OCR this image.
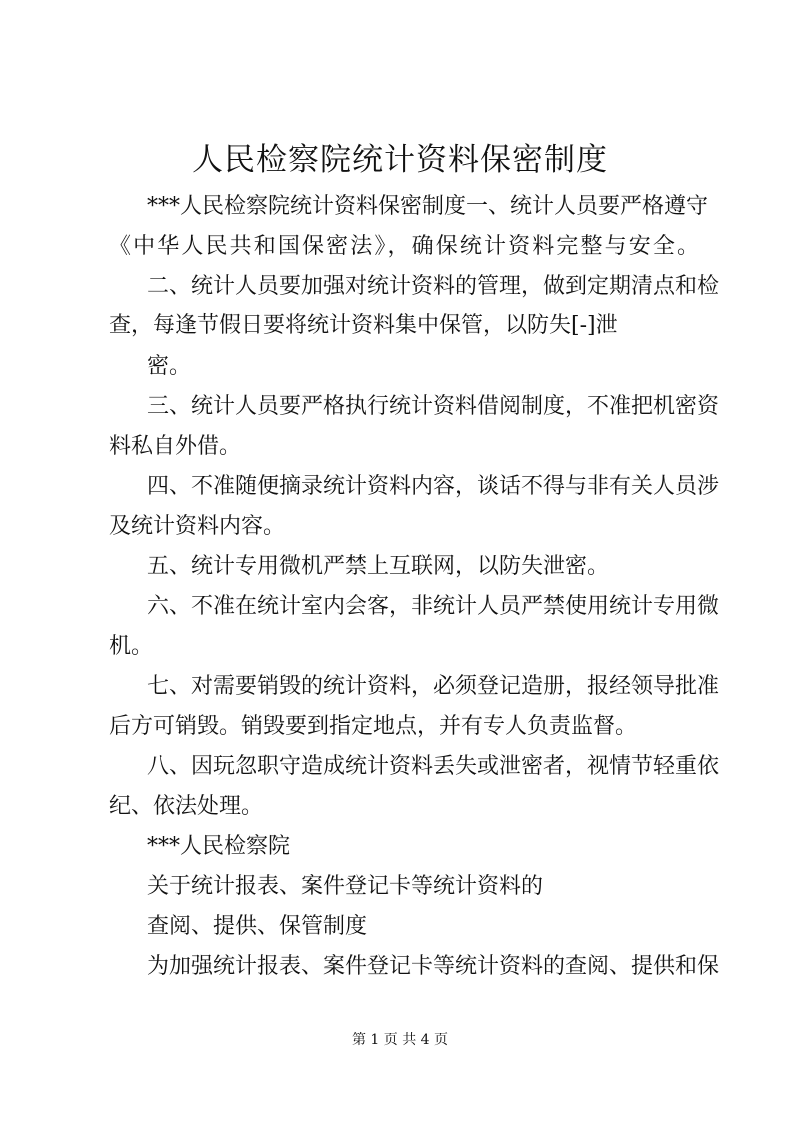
人民检察院统计资料保密制度

***人民检察院统计资料保密制度一、统计人员要严格遵守

《中华人民共和国保密法》，确保统计资料完整与安全。

二、统计人员要加强对统计资料的管理，做到定期清点和检

查，每逢节假日要将统计资料集中保管，以防失[-]泄

密。

三、统计人员要严格执行统计资料借阅制度，不准把机密资

料私自外借。

四、不准随便摘录统计资料内容，谈话不得与非有关人员涉

及统计资料内容。

五、统计专用微机严禁上互联网，以防失泄密。

六、不准在统计室内会客，非统计人员严禁使用统计专用微

机。

七、对需要销毁的统计资料，必须登记造册，报经领导批准

后方可销毁。销毁要到指定地点，并有专人负责监督。

八、因玩忽职守造成统计资料丢失或泄密者，视情节轻重依

纪、依法处理。

***人民检察院

关于统计报表、案件登记卡等统计资料的

查阅、提供、保管制度

为加强统计报表、案件登记卡等统计资料的查阅、提供和保

第 1 页 共 4 页
